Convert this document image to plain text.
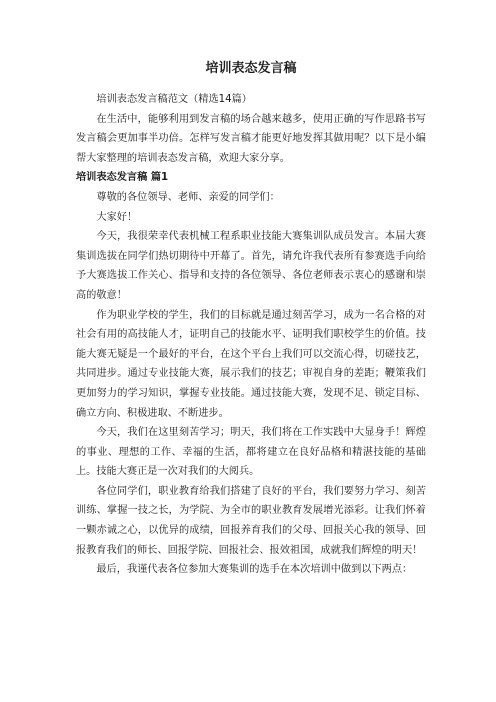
培训表态发言稿

培训表态发言稿范文（精选14篇）

在生活中，能够利用到发言稿的场合越来越多，使用正确的写作思路书写发言稿会更加事半功倍。怎样写发言稿才能更好地发挥其做用呢？以下是小编帮大家整理的培训表态发言稿，欢迎大家分享。

培训表态发言稿 篇1

尊敬的各位领导、老师、亲爱的同学们：

大家好！

今天，我很荣幸代表机械工程系职业技能大赛集训队成员发言。本届大赛集训选拔在同学们热切期待中开幕了。首先，请允许我代表所有参赛选手向给予大赛选拔工作关心、指导和支持的各位领导、各位老师表示衷心的感谢和崇高的敬意！

作为职业学校的学生，我们的目标就是通过刻苦学习，成为一名合格的对社会有用的高技能人才，证明自己的技能水平、证明我们职校学生的价值。技能大赛无疑是一个最好的平台，在这个平台上我们可以交流心得，切磋技艺，共同进步。通过专业技能大赛，展示我们的技艺；审视自身的差距；鞭策我们更加努力的学习知识，掌握专业技能。通过技能大赛，发现不足、锁定目标、确立方向、积极进取、不断进步。

今天，我们在这里刻苦学习；明天，我们将在工作实践中大显身手！辉煌的事业、理想的工作、幸福的生活，都将建立在良好品格和精湛技能的基础上。技能大赛正是一次对我们的大阅兵。

各位同学们，职业教育给我们搭建了良好的平台，我们要努力学习、刻苦训练、掌握一技之长，为学院、为全市的职业教育发展增光添彩。让我们怀着一颗赤诚之心，以优异的成绩，回报养育我们的父母、回报关心我的领导、回报教育我们的师长、回报学院、回报社会、报效祖国，成就我们辉煌的明天！

最后，我谨代表各位参加大赛集训的选手在本次培训中做到以下两点：
